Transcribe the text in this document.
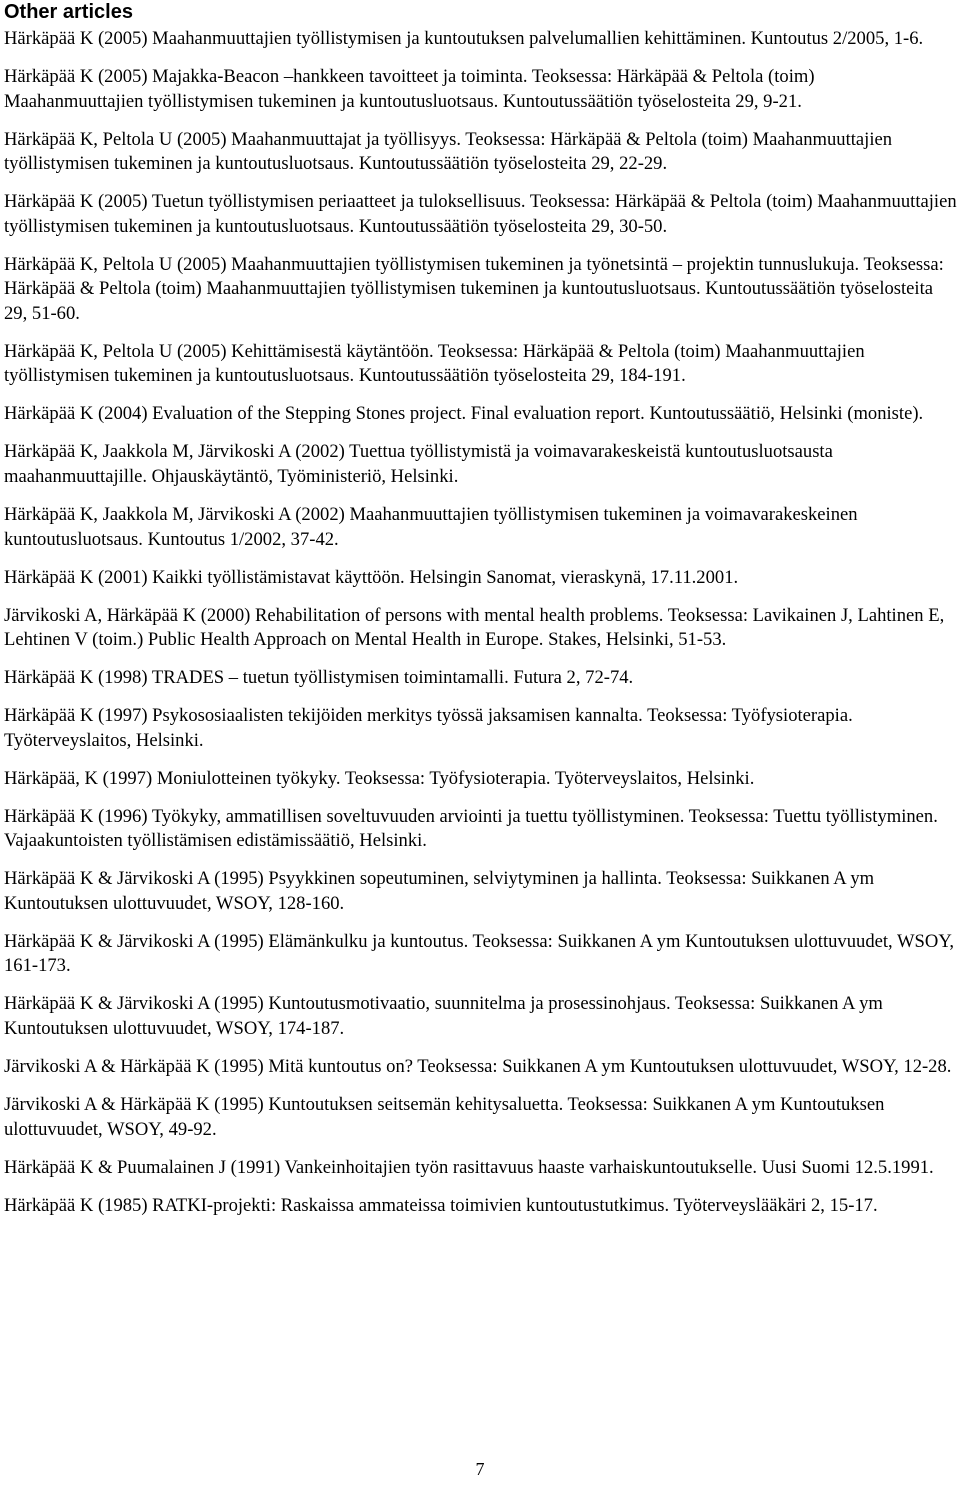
Other articles
Härkäpää K (2005) Maahanmuuttajien työllistymisen ja kuntoutuksen palvelumallien kehittäminen. Kuntoutus 2/2005, 1-6.
Härkäpää K (2005) Majakka-Beacon –hankkeen tavoitteet ja toiminta. Teoksessa: Härkäpää & Peltola (toim) Maahanmuuttajien työllistymisen tukeminen ja kuntoutusluotsaus. Kuntoutussäätiön työselosteita 29, 9-21.
Härkäpää K, Peltola U (2005) Maahanmuuttajat ja työllisyys. Teoksessa: Härkäpää & Peltola (toim) Maahanmuuttajien työllistymisen tukeminen ja kuntoutusluotsaus. Kuntoutussäätiön työselosteita 29, 22-29.
Härkäpää K (2005) Tuetun työllistymisen periaatteet ja tuloksellisuus. Teoksessa: Härkäpää & Peltola (toim) Maahanmuuttajien työllistymisen tukeminen ja kuntoutusluotsaus. Kuntoutussäätiön työselosteita 29, 30-50.
Härkäpää K, Peltola U (2005) Maahanmuuttajien työllistymisen tukeminen ja työnetsintä – projektin tunnuslukuja. Teoksessa: Härkäpää & Peltola (toim) Maahanmuuttajien työllistymisen tukeminen ja kuntoutusluotsaus. Kuntoutussäätiön työselosteita 29, 51-60.
Härkäpää K, Peltola U (2005) Kehittämisestä käytäntöön. Teoksessa: Härkäpää & Peltola (toim) Maahanmuuttajien työllistymisen tukeminen ja kuntoutusluotsaus. Kuntoutussäätiön työselosteita 29, 184-191.
Härkäpää K (2004) Evaluation of the Stepping Stones project. Final evaluation report. Kuntoutussäätiö, Helsinki (moniste).
Härkäpää K, Jaakkola M, Järvikoski A (2002) Tuettua työllistymistä ja voimavarakeskeistä kuntoutusluotsausta maahanmuuttajille. Ohjauskäytäntö, Työministeriö, Helsinki.
Härkäpää K, Jaakkola M, Järvikoski A (2002) Maahanmuuttajien työllistymisen tukeminen ja voimavarakeskeinen kuntoutusluotsaus. Kuntoutus 1/2002, 37-42.
Härkäpää K (2001) Kaikki työllistämistavat käyttöön. Helsingin Sanomat, vieraskynä, 17.11.2001.
Järvikoski A, Härkäpää K (2000) Rehabilitation of persons with mental health problems. Teoksessa: Lavikainen J, Lahtinen E, Lehtinen V (toim.) Public Health Approach on Mental Health in Europe. Stakes, Helsinki, 51-53.
Härkäpää K (1998) TRADES – tuetun työllistymisen toimintamalli. Futura 2, 72-74.
Härkäpää K (1997) Psykososiaalisten tekijöiden merkitys työssä jaksamisen kannalta. Teoksessa: Työfysioterapia. Työterveyslaitos, Helsinki.
Härkäpää, K (1997) Moniulotteinen työkyky. Teoksessa: Työfysioterapia. Työterveyslaitos, Helsinki.
Härkäpää K (1996) Työkyky, ammatillisen soveltuvuuden arviointi ja tuettu työllistyminen. Teoksessa: Tuettu työllistyminen. Vajaakuntoisten työllistämisen edistämissäätiö, Helsinki.
Härkäpää K & Järvikoski A (1995) Psyykkinen sopeutuminen, selviytyminen ja hallinta. Teoksessa: Suikkanen A ym Kuntoutuksen ulottuvuudet, WSOY, 128-160.
Härkäpää K & Järvikoski A (1995) Elämänkulku ja kuntoutus. Teoksessa: Suikkanen A ym Kuntoutuksen ulottuvuudet, WSOY, 161-173.
Härkäpää K & Järvikoski A (1995) Kuntoutusmotivaatio, suunnitelma ja prosessinohjaus. Teoksessa: Suikkanen A ym Kuntoutuksen ulottuvuudet, WSOY, 174-187.
Järvikoski A & Härkäpää K (1995) Mitä kuntoutus on? Teoksessa: Suikkanen A ym Kuntoutuksen ulottuvuudet, WSOY, 12-28.
Järvikoski A & Härkäpää K (1995) Kuntoutuksen seitsemän kehitysaluetta. Teoksessa: Suikkanen A ym Kuntoutuksen ulottuvuudet, WSOY, 49-92.
Härkäpää K & Puumalainen J (1991) Vankeinhoitajien työn rasittavuus haaste varhaiskuntoutukselle. Uusi Suomi 12.5.1991.
Härkäpää K (1985) RATKI-projekti: Raskaissa ammateissa toimivien kuntoutustutkimus. Työterveyslääkäri 2, 15-17.
7
